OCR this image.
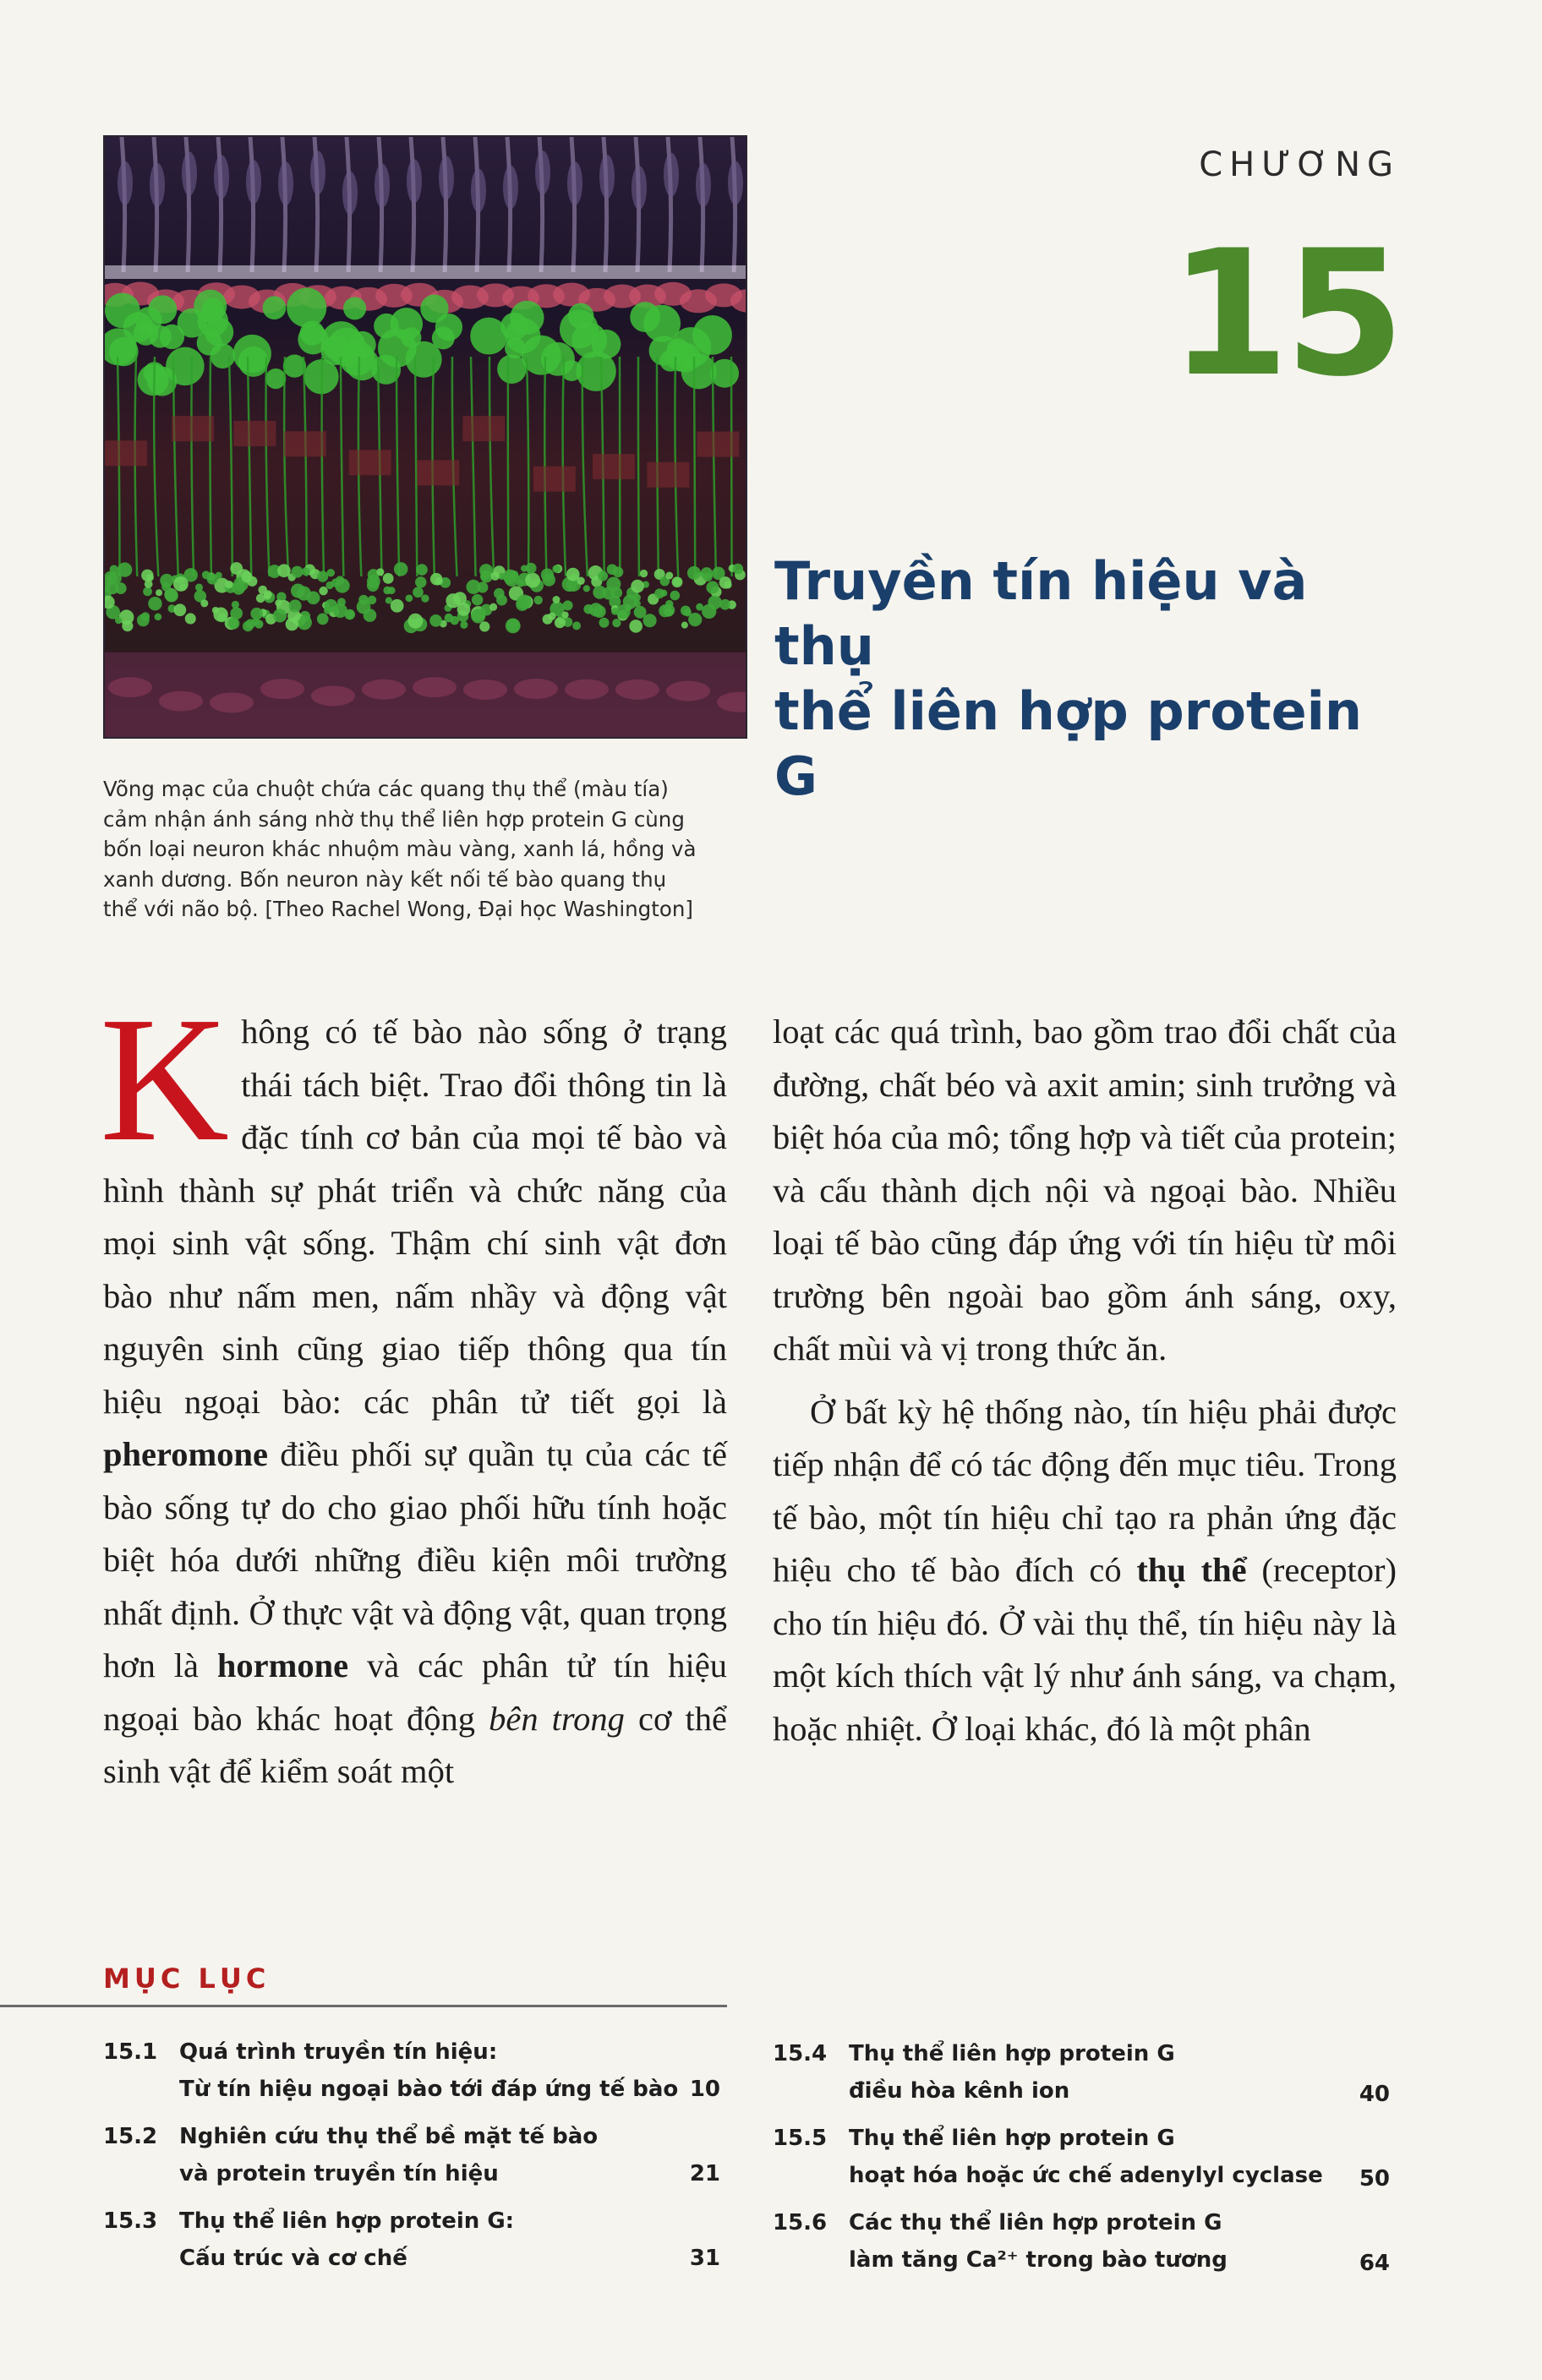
CHƯƠNG
15
Truyền tín hiệu và thụ
thể liên hợp protein G

Võng mạc của chuột chứa các quang thụ thể (màu tía)
cảm nhận ánh sáng nhờ thụ thể liên hợp protein G cùng
bốn loại neuron khác nhuộm màu vàng, xanh lá, hồng và
xanh dương. Bốn neuron này kết nối tế bào quang thụ
thể với não bộ. [Theo Rachel Wong, Đại học Washington]

Không có tế bào nào sống ở trạng thái tách biệt. Trao đổi thông tin là đặc tính cơ bản của mọi tế bào và hình thành sự phát triển và chức năng của mọi sinh vật sống. Thậm chí sinh vật đơn bào như nấm men, nấm nhầy và động vật nguyên sinh cũng giao tiếp thông qua tín hiệu ngoại bào: các phân tử tiết gọi là pheromone điều phối sự quần tụ của các tế bào sống tự do cho giao phối hữu tính hoặc biệt hóa dưới những điều kiện môi trường nhất định. Ở thực vật và động vật, quan trọng hơn là hormone và các phân tử tín hiệu ngoại bào khác hoạt động bên trong cơ thể sinh vật để kiểm soát một

loạt các quá trình, bao gồm trao đổi chất của đường, chất béo và axit amin; sinh trưởng và biệt hóa của mô; tổng hợp và tiết của protein; và cấu thành dịch nội và ngoại bào. Nhiều loại tế bào cũng đáp ứng với tín hiệu từ môi trường bên ngoài bao gồm ánh sáng, oxy, chất mùi và vị trong thức ăn.

Ở bất kỳ hệ thống nào, tín hiệu phải được tiếp nhận để có tác động đến mục tiêu. Trong tế bào, một tín hiệu chỉ tạo ra phản ứng đặc hiệu cho tế bào đích có thụ thể (receptor) cho tín hiệu đó. Ở vài thụ thể, tín hiệu này là một kích thích vật lý như ánh sáng, va chạm, hoặc nhiệt. Ở loại khác, đó là một phân

MỤC LỤC
15.1 Quá trình truyền tín hiệu:
Từ tín hiệu ngoại bào tới đáp ứng tế bào 10
15.2 Nghiên cứu thụ thể bề mặt tế bào
và protein truyền tín hiệu	21
15.3 Thụ thể liên hợp protein G:
Cấu trúc và cơ chế	31
15.4 Thụ thể liên hợp protein G
điều hòa kênh ion	40
15.5 Thụ thể liên hợp protein G
hoạt hóa hoặc ức chế adenylyl cyclase	50
15.6 Các thụ thể liên hợp protein G
làm tăng Ca²⁺ trong bào tương	64
